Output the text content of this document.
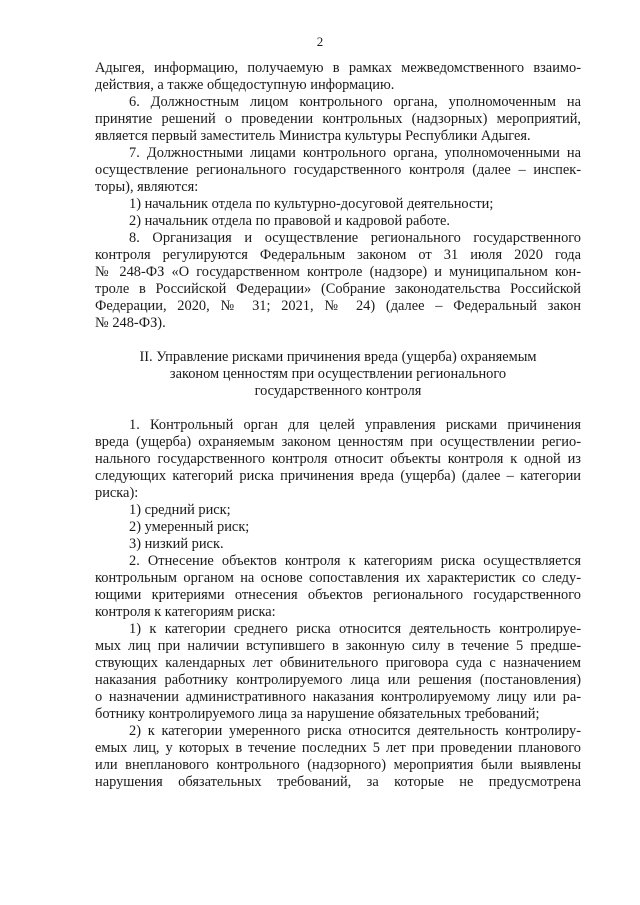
2
Адыгея, информацию, получаемую в рамках межведомственного взаимо-
действия, а также общедоступную информацию.
6. Должностным лицом контрольного органа, уполномоченным на
принятие решений о проведении контрольных (надзорных) мероприятий,
является первый заместитель Министра культуры Республики Адыгея.
7. Должностными лицами контрольного органа, уполномоченными на
осуществление регионального государственного контроля (далее – инспек-
торы), являются:
1) начальник отдела по культурно-досуговой деятельности;
2) начальник отдела по правовой и кадровой работе.
8. Организация и осуществление регионального государственного
контроля регулируются Федеральным законом от 31 июля 2020 года
№ 248-ФЗ «О государственном контроле (надзоре) и муниципальном кон-
троле в Российской Федерации» (Собрание законодательства Российской
Федерации, 2020, № 31; 2021, № 24) (далее – Федеральный закон
№ 248-ФЗ).
II. Управление рисками причинения вреда (ущерба) охраняемым
законом ценностям при осуществлении регионального
государственного контроля
1. Контрольный орган для целей управления рисками причинения
вреда (ущерба) охраняемым законом ценностям при осуществлении регио-
нального государственного контроля относит объекты контроля к одной из
следующих категорий риска причинения вреда (ущерба) (далее – категории
риска):
1) средний риск;
2) умеренный риск;
3) низкий риск.
2. Отнесение объектов контроля к категориям риска осуществляется
контрольным органом на основе сопоставления их характеристик со следу-
ющими критериями отнесения объектов регионального государственного
контроля к категориям риска:
1) к категории среднего риска относится деятельность контролируе-
мых лиц при наличии вступившего в законную силу в течение 5 предше-
ствующих календарных лет обвинительного приговора суда с назначением
наказания работнику контролируемого лица или решения (постановления)
о назначении административного наказания контролируемому лицу или ра-
ботнику контролируемого лица за нарушение обязательных требований;
2) к категории умеренного риска относится деятельность контролиру-
емых лиц, у которых в течение последних 5 лет при проведении планового
или внепланового контрольного (надзорного) мероприятия были выявлены
нарушения обязательных требований, за которые не предусмотрена
